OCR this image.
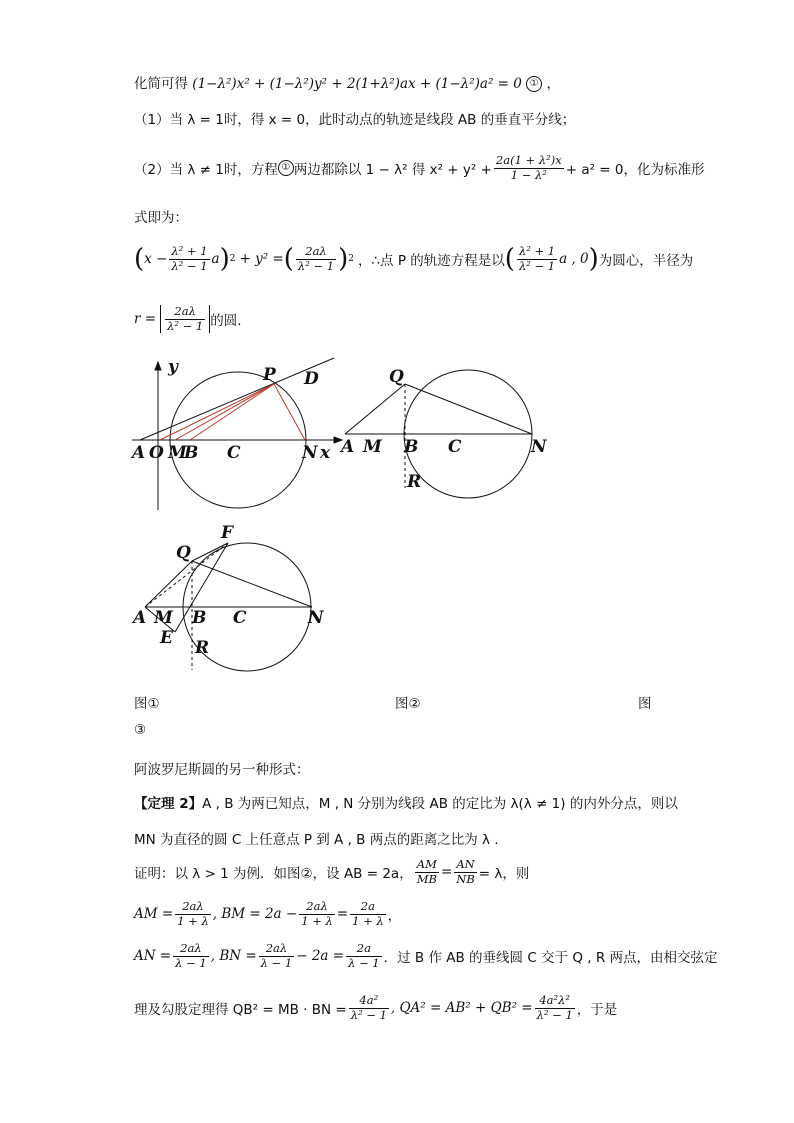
化简可得 (1−λ²)x² + (1−λ²)y² + 2(1+λ²)ax + (1−λ²)a² = 0 ① ，
（1）当 λ = 1时，得 x = 0，此时动点的轨迹是线段 AB 的垂直平分线；
（2）当 λ ≠ 1时，方程 ① 两边都除以 1 − λ² 得 $x^2 + y^2 + \frac{\text{2a(1 + λ²)x}}{\text{1 − λ²}} + a^2 = 0$，化为标准形
式即为：
( $x - \frac{\text{λ² + 1}}{\text{λ² − 1}}$ a ) 2 + y² = ( $\frac{2a\lambda}{\text{λ² − 1}}$ ) 2 ，∴点 P 的轨迹方程是以 ( $\frac{\text{λ² + 1}}{\text{λ² − 1}}$ a , 0 ) 为圆心，半径为
$r = \frac{2a\lambda}{\text{λ² − 1}}$ 的圆.
y	P D
A O M
B C	N x
Q
A M B C	N
R
F
Q
A M B C	N
E R
图①	图②	图
③
阿波罗尼斯圆的另一种形式：
【定理 2】A , B 为两已知点，M , N 分别为线段 AB 的定比为 λ(λ ≠ 1) 的内外分点，则以
MN 为直径的圆 C 上任意点 P 到 A , B 两点的距离之比为 λ .
证明：以 λ > 1 为例．如图②，设 AB = 2a， $\frac{AM}{MB} = \frac{AN}{NB} = \lambda$，则
AM = $\frac{2a\lambda}{1 + \lambda}$ , BM = $2a - \frac{2a\lambda}{1 + \lambda} = \frac{2a}{1 + \lambda}$ ，
AN = $\frac{2a\lambda}{\lambda - 1}$ , BN = $\frac{2a\lambda}{\lambda - 1} - 2a = \frac{2a}{\lambda - 1}$ ．过 B 作 AB 的垂线圆 C 交于 Q , R 两点，由相交弦定
理及勾股定理得 QB² = MB · BN = $\frac{\text{4a²}}{\text{λ² − 1}}$ , $QA^2 = AB^2 + QB^2 = \frac{\text{4a²λ²}}{\text{λ² − 1}}$ ，于是
